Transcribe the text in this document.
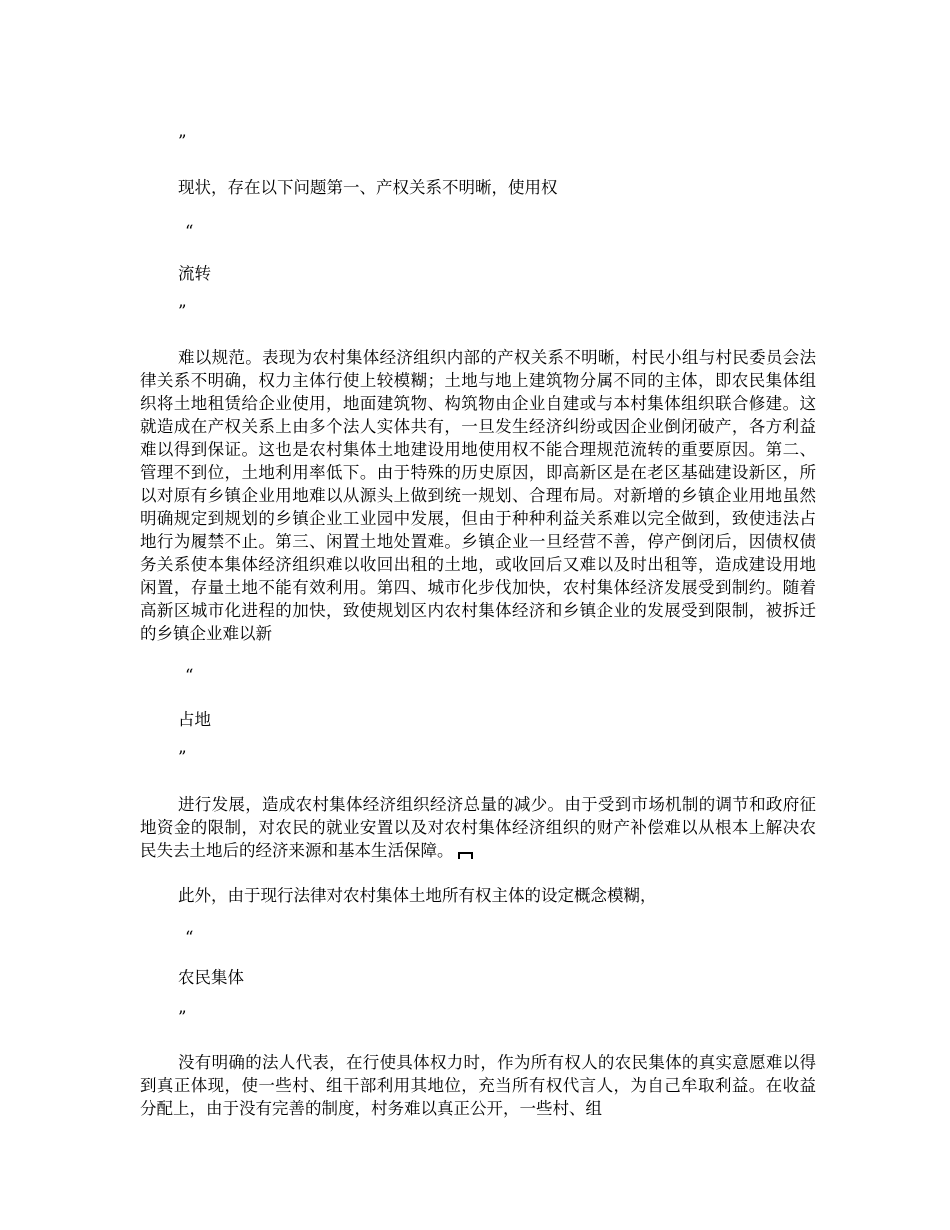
”

现状，存在以下问题第一、产权关系不明晰，使用权

“

流转

”

难以规范。表现为农村集体经济组织内部的产权关系不明晰，村民小组与村民委员会法律关系不明确，权力主体行使上较模糊；土地与地上建筑物分属不同的主体，即农民集体组织将土地租赁给企业使用，地面建筑物、构筑物由企业自建或与本村集体组织联合修建。这就造成在产权关系上由多个法人实体共有，一旦发生经济纠纷或因企业倒闭破产，各方利益难以得到保证。这也是农村集体土地建设用地使用权不能合理规范流转的重要原因。第二、管理不到位，土地利用率低下。由于特殊的历史原因，即高新区是在老区基础建设新区，所以对原有乡镇企业用地难以从源头上做到统一规划、合理布局。对新增的乡镇企业用地虽然明确规定到规划的乡镇企业工业园中发展，但由于种种利益关系难以完全做到，致使违法占地行为履禁不止。第三、闲置土地处置难。乡镇企业一旦经营不善，停产倒闭后，因债权债务关系使本集体经济组织难以收回出租的土地，或收回后又难以及时出租等，造成建设用地闲置，存量土地不能有效利用。第四、城市化步伐加快，农村集体经济发展受到制约。随着高新区城市化进程的加快，致使规划区内农村集体经济和乡镇企业的发展受到限制，被拆迁的乡镇企业难以新

“

占地

”

进行发展，造成农村集体经济组织经济总量的减少。由于受到市场机制的调节和政府征地资金的限制，对农民的就业安置以及对农村集体经济组织的财产补偿难以从根本上解决农民失去土地后的经济来源和基本生活保障。

此外，由于现行法律对农村集体土地所有权主体的设定概念模糊，

“

农民集体

”

没有明确的法人代表，在行使具体权力时，作为所有权人的农民集体的真实意愿难以得到真正体现，使一些村、组干部利用其地位，充当所有权代言人，为自己牟取利益。在收益分配上，由于没有完善的制度，村务难以真正公开，一些村、组
